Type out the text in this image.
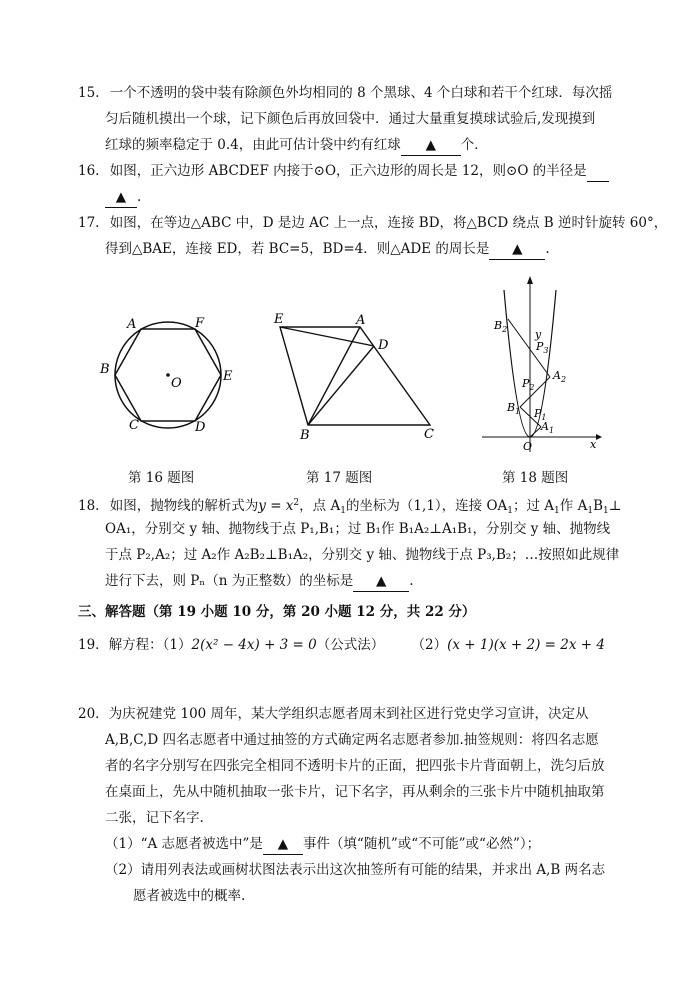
15. 一个不透明的袋中装有除颜色外均相同的 8 个黑球、4 个白球和若干个红球．每次摇
匀后随机摸出一个球，记下颜色后再放回袋中．通过大量重复摸球试验后,发现摸到
红球的频率稳定于 0.4，由此可估计袋中约有红球 ▲ 个．
16. 如图，正六边形 ABCDEF 内接于⊙O，正六边形的周长是 12，则⊙O 的半径是
▲ .
17. 如图，在等边△ABC 中，D 是边 AC 上一点，连接 BD，将△BCD 绕点 B 逆时针旋转 60°，
得到△BAE，连接 ED，若 BC=5，BD=4．则△ADE 的周长是 ▲ .
A	F
B	E
C	D
O
第 16 题图
E	A
D
B	C
第 17 题图
y
x
O
$B_2$
$P_3$
$A_2$
$P_2$
$B_1$ $P_1$
$A_1$
第 18 题图
18. 如图，抛物线的解析式为$y = x^2$，点 $A_1$的坐标为（1,1），连接 $OA_1$；过 $A_1$作 $A_1B_1\perp$
OA₁，分别交 y 轴、抛物线于点 P₁,B₁；过 B₁作 B₁A₂⊥A₁B₁，分别交 y 轴、抛物线
于点 P₂,A₂；过 A₂作 A₂B₂⊥B₁A₂，分别交 y 轴、抛物线于点 P₃,B₂；…按照如此规律
进行下去，则 Pₙ（n 为正整数）的坐标是 ▲ .
三、解答题（第 19 小题 10 分，第 20 小题 12 分，共 22 分）
19．解方程：（1）2(x² − 4x) + 3 = 0（公式法）	（2）(x + 1)(x + 2) = 2x + 4
20．为庆祝建党 100 周年，某大学组织志愿者周末到社区进行党史学习宣讲，决定从
A,B,C,D 四名志愿者中通过抽签的方式确定两名志愿者参加.抽签规则：将四名志愿
者的名字分别写在四张完全相同不透明卡片的正面，把四张卡片背面朝上，洗匀后放
在桌面上，先从中随机抽取一张卡片，记下名字，再从剩余的三张卡片中随机抽取第
二张，记下名字.
（1）“A 志愿者被选中”是 ▲ 事件（填“随机”或“不可能”或“必然”）；
（2）请用列表法或画树状图法表示出这次抽签所有可能的结果，并求出 A,B 两名志
愿者被选中的概率.
